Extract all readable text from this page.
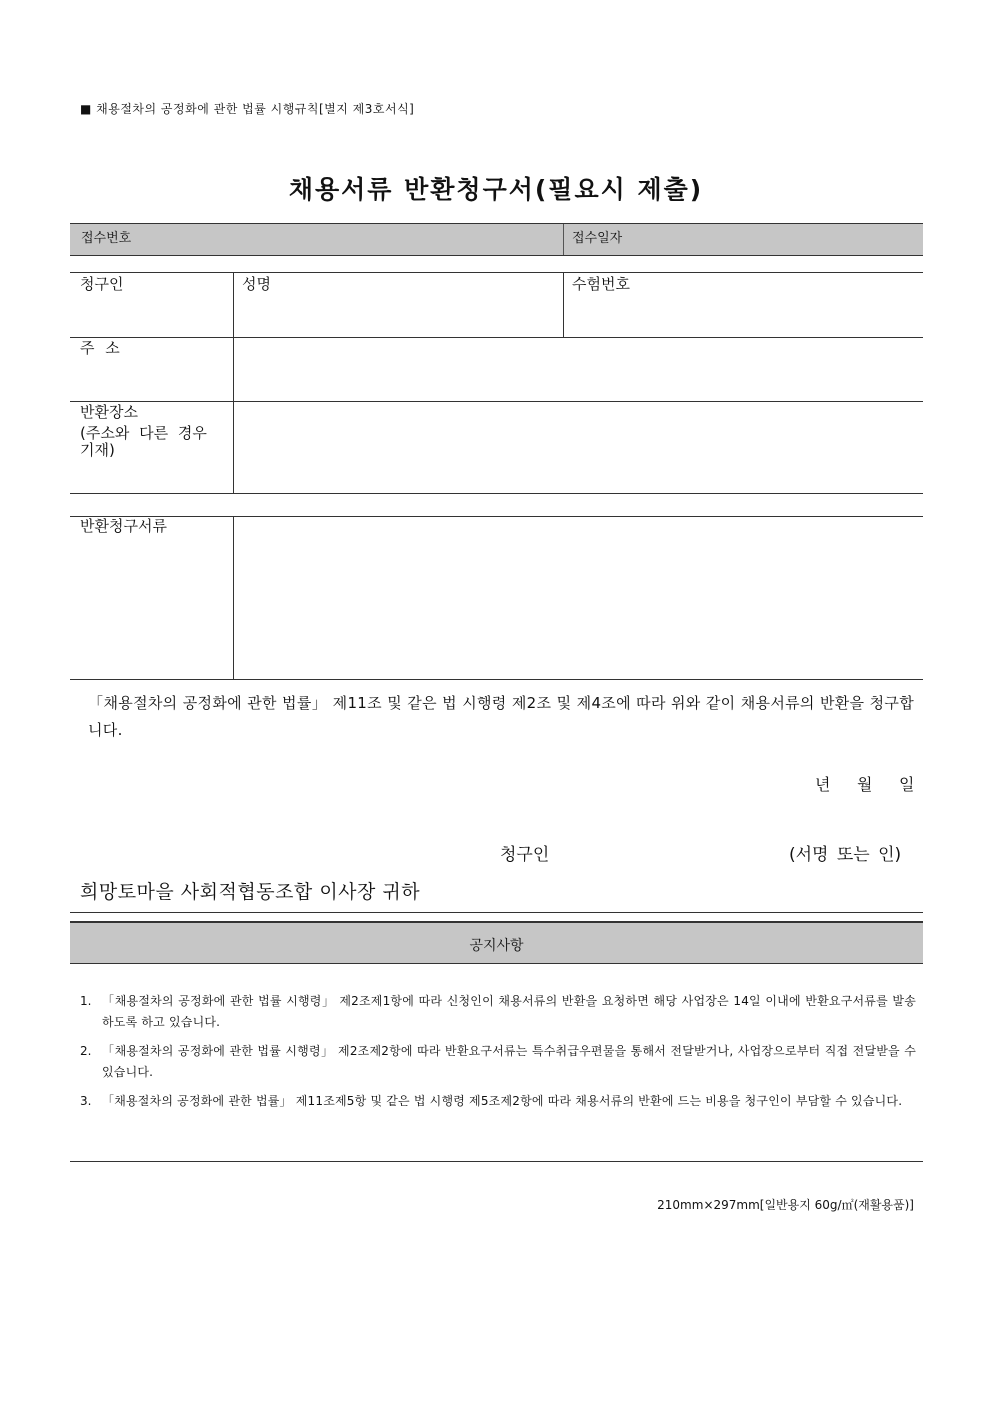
■ 채용절차의 공정화에 관한 법률 시행규칙[별지 제3호서식]
채용서류 반환청구서(필요시 제출)
접수번호	접수일자
청구인	성명	수험번호
주 소
반환장소
(주소와 다른 경우
기재)
반환청구서류
「채용절차의 공정화에 관한 법률」 제11조 및 같은 법 시행령 제2조 및 제4조에 따라 위와 같이 채용서류의 반환을 청구합니다.
년 월 일
청구인	(서명 또는 인)
희망토마을 사회적협동조합 이사장 귀하
공지사항
1. 「채용절차의 공정화에 관한 법률 시행령」 제2조제1항에 따라 신청인이 채용서류의 반환을 요청하면 해당 사업장은 14일 이내에 반환요구서류를 발송하도록 하고 있습니다.
2. 「채용절차의 공정화에 관한 법률 시행령」 제2조제2항에 따라 반환요구서류는 특수취급우편물을 통해서 전달받거나, 사업장으로부터 직접 전달받을 수 있습니다.
3. 「채용절차의 공정화에 관한 법률」 제11조제5항 및 같은 법 시행령 제5조제2항에 따라 채용서류의 반환에 드는 비용을 청구인이 부담할 수 있습니다.
210mm×297mm[일반용지 60g/㎡(재활용품)]
